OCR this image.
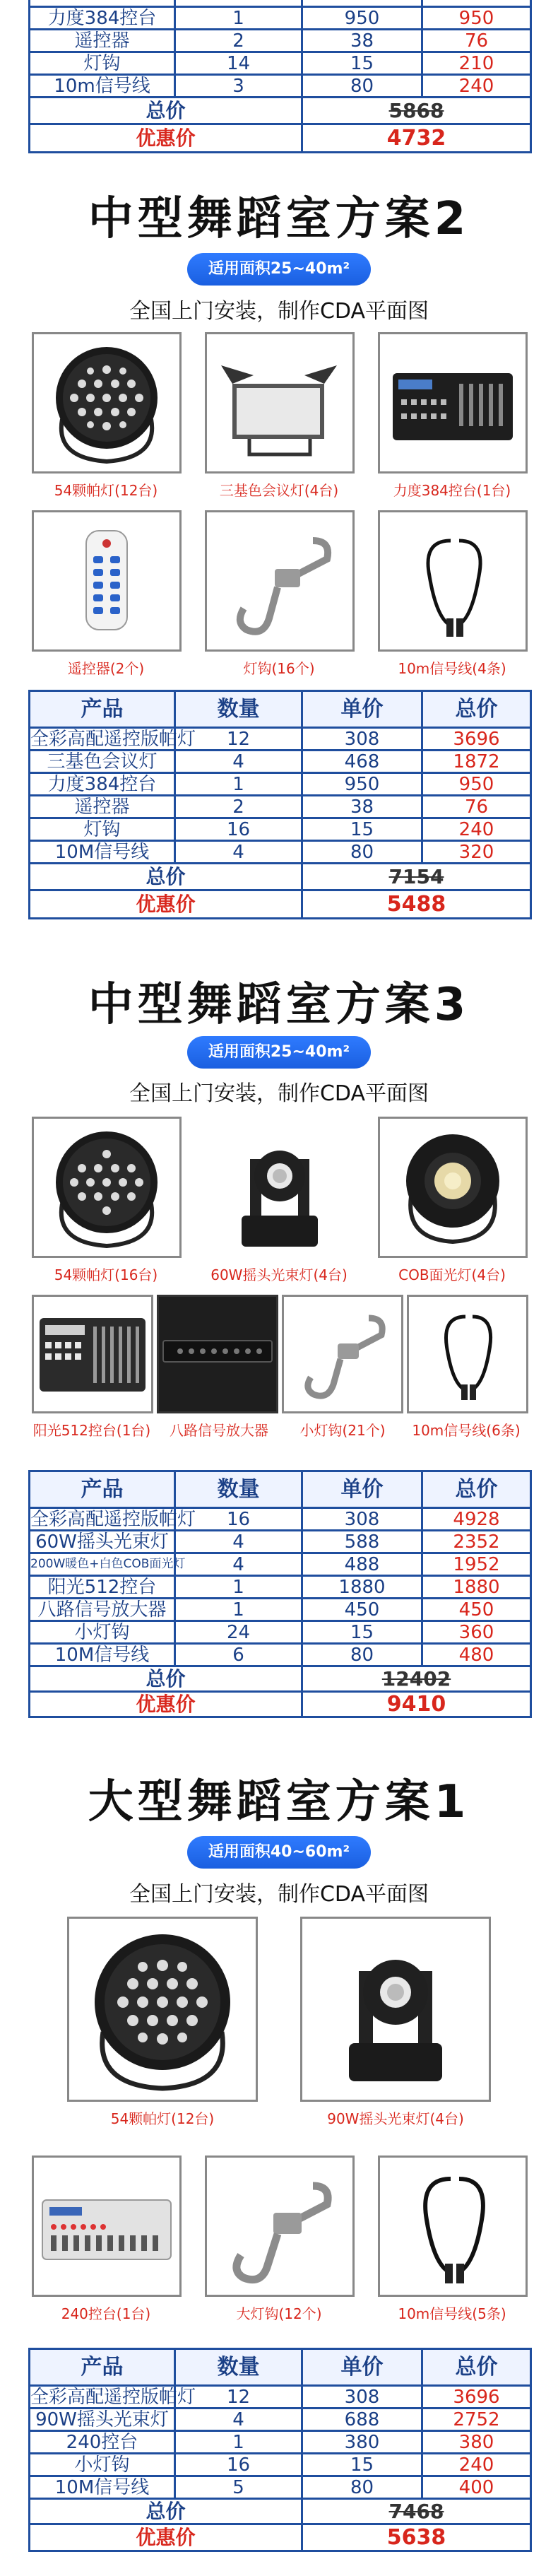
力度384控台	1	950	950
遥控器	2	38	76
灯钩	14	15	210
10m信号线	3	80	240
总价		5868	
优惠价		4732	
中型舞蹈室方案2
适用面积25~40m²
全国上门安装，制作CDA平面图
54颗帕灯(12台)	三基色会议灯(4台)	力度384控台(1台)
遥控器(2个)	灯钩(16个)	10m信号线(4条)
产品	数量	单价	总价
全彩高配遥控版帕灯	12	308	3696
三基色会议灯	4	468	1872
力度384控台	1	950	950
遥控器	2	38	76
灯钩	16	15	240
10M信号线	4	80	320
总价		7154	
优惠价		5488	
中型舞蹈室方案3
适用面积25~40m²
全国上门安装，制作CDA平面图
54颗帕灯(16台)	60W摇头光束灯(4台)	COB面光灯(4台)
阳光512控台(1台)	八路信号放大器	小灯钩(21个)	10m信号线(6条)
产品	数量	单价	总价
全彩高配遥控版帕灯	16	308	4928
60W摇头光束灯	4	588	2352
200W暖色+白色COB面光灯	4	488	1952
阳光512控台	1	1880	1880
八路信号放大器	1	450	450
小灯钩	24	15	360
10M信号线	6	80	480
总价		12402	
优惠价		9410	
大型舞蹈室方案1
适用面积40~60m²
全国上门安装，制作CDA平面图
54颗帕灯(12台)	90W摇头光束灯(4台)
240控台(1台)	大灯钩(12个)	10m信号线(5条)
产品	数量	单价	总价
全彩高配遥控版帕灯	12	308	3696
90W摇头光束灯	4	688	2752
240控台	1	380	380
小灯钩	16	15	240
10M信号线	5	80	400
总价		7468	
优惠价		5638	
